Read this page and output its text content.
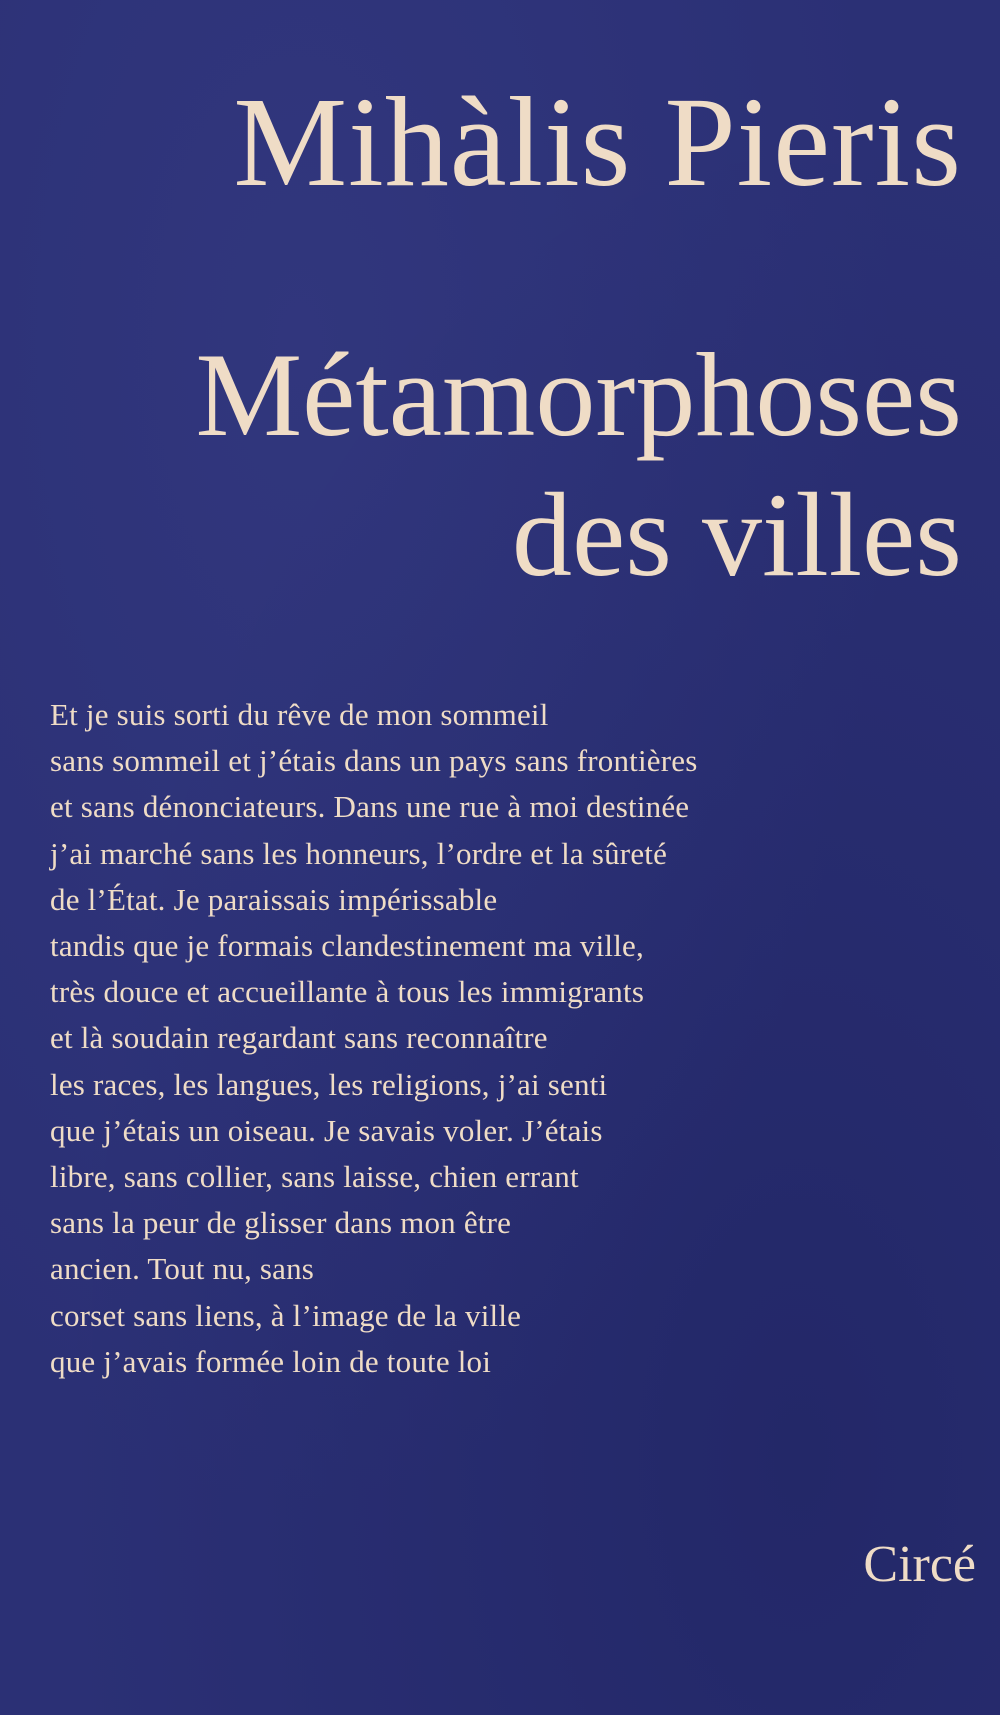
Mihàlis Pieris
Métamorphoses
des villes

Et je suis sorti du rêve de mon sommeil
sans sommeil et j’étais dans un pays sans frontières
et sans dénonciateurs. Dans une rue à moi destinée
j’ai marché sans les honneurs, l’ordre et la sûreté
de l’État. Je paraissais impérissable
tandis que je formais clandestinement ma ville,
très douce et accueillante à tous les immigrants
et là soudain regardant sans reconnaître
les races, les langues, les religions, j’ai senti
que j’étais un oiseau. Je savais voler. J’étais
libre, sans collier, sans laisse, chien errant
sans la peur de glisser dans mon être
ancien. Tout nu, sans
corset sans liens, à l’image de la ville
que j’avais formée loin de toute loi

Circé
